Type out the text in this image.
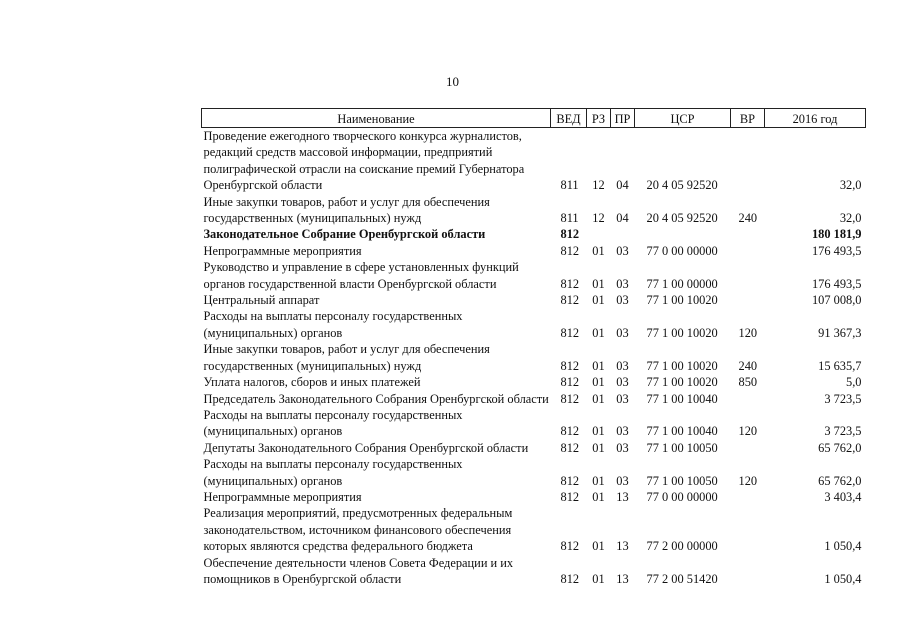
10
Наименование	ВЕД	РЗ	ПР	ЦСР	ВР	2016 год
Проведение ежегодного творческого конкурса журналистов, редакций средств массовой информации, предприятий полиграфической отрасли на соискание премий Губернатора Оренбургской области	811	12	04	20 4 05 92520		32,0
Иные закупки товаров, работ и услуг для обеспечения государственных (муниципальных) нужд	811	12	04	20 4 05 92520	240	32,0
Законодательное Собрание Оренбургской области	812					180 181,9
Непрограммные мероприятия	812	01	03	77 0 00 00000		176 493,5
Руководство и управление в сфере установленных функций органов государственной власти Оренбургской области	812	01	03	77 1 00 00000		176 493,5
Центральный аппарат	812	01	03	77 1 00 10020		107 008,0
Расходы на выплаты персоналу государственных (муниципальных) органов	812	01	03	77 1 00 10020	120	91 367,3
Иные закупки товаров, работ и услуг для обеспечения государственных (муниципальных) нужд	812	01	03	77 1 00 10020	240	15 635,7
Уплата налогов, сборов и иных платежей	812	01	03	77 1 00 10020	850	5,0
Председатель Законодательного Собрания Оренбургской области	812	01	03	77 1 00 10040		3 723,5
Расходы на выплаты персоналу государственных (муниципальных) органов	812	01	03	77 1 00 10040	120	3 723,5
Депутаты Законодательного Собрания Оренбургской области	812	01	03	77 1 00 10050		65 762,0
Расходы на выплаты персоналу государственных (муниципальных) органов	812	01	03	77 1 00 10050	120	65 762,0
Непрограммные мероприятия	812	01	13	77 0 00 00000		3 403,4
Реализация мероприятий, предусмотренных федеральным законодательством, источником финансового обеспечения которых являются средства федерального бюджета	812	01	13	77 2 00 00000		1 050,4
Обеспечение деятельности членов Совета Федерации и их помощников в Оренбургской области	812	01	13	77 2 00 51420		1 050,4
